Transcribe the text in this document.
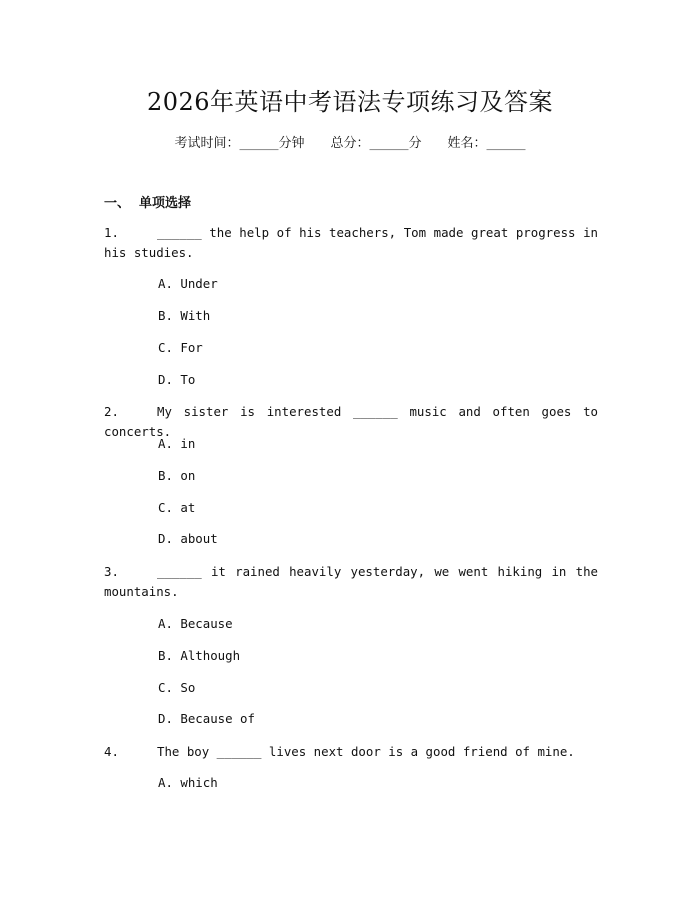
2026年英语中考语法专项练习及答案
考试时间：______分钟 总分：______分 姓名：______
一、  单项选择
1.	______ the help of his teachers, Tom made great progress in his studies.
A. Under
B. With
C. For
D. To
2.	My sister is interested ______ music and often goes to concerts.
A. in
B. on
C. at
D. about
3.	______ it rained heavily yesterday, we went hiking in the mountains.
A. Because
B. Although
C. So
D. Because of
4.	The boy ______ lives next door is a good friend of mine.
A. which
